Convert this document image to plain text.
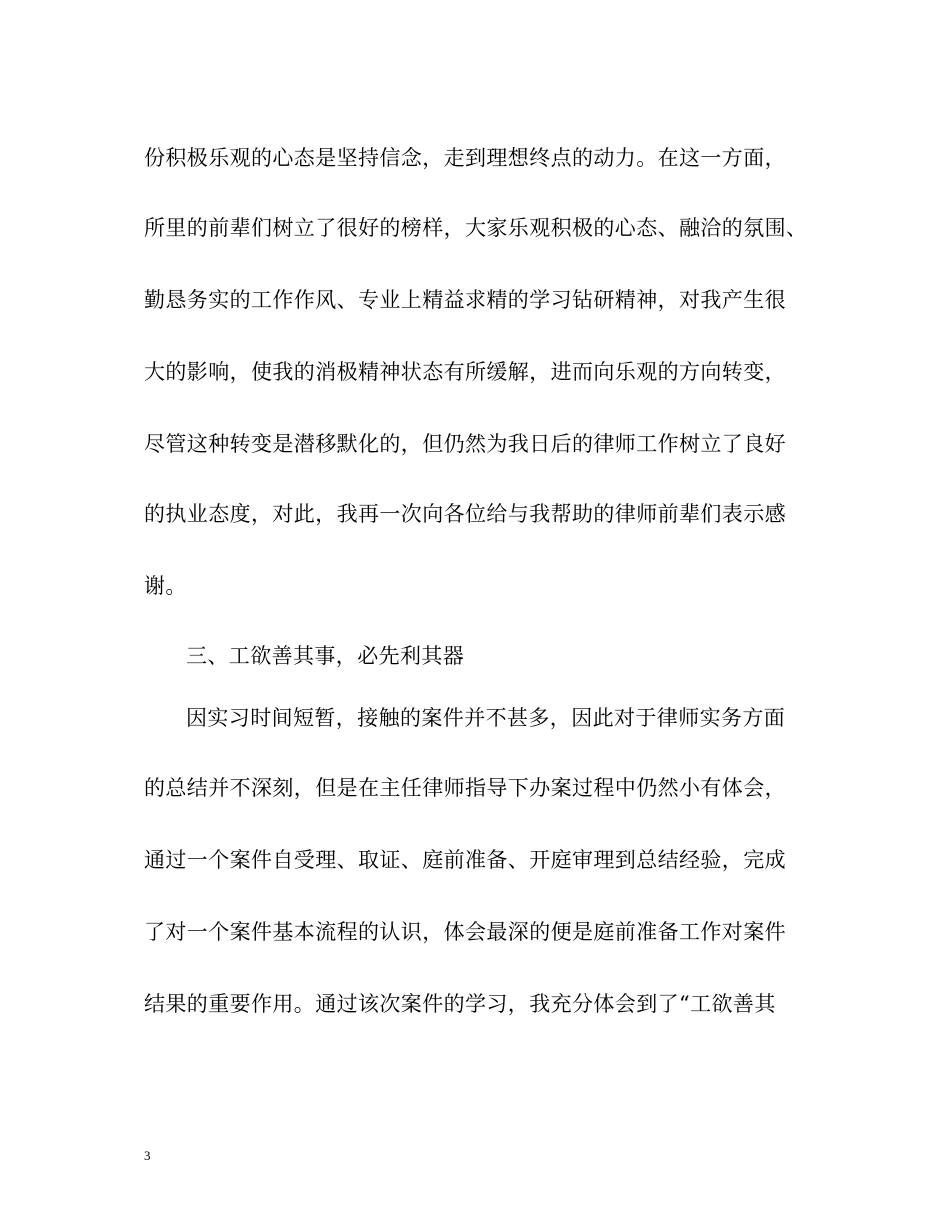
份积极乐观的心态是坚持信念，走到理想终点的动力。在这一方面，
所里的前辈们树立了很好的榜样，大家乐观积极的心态、融洽的氛围、
勤恳务实的工作作风、专业上精益求精的学习钻研精神，对我产生很
大的影响，使我的消极精神状态有所缓解，进而向乐观的方向转变，
尽管这种转变是潜移默化的，但仍然为我日后的律师工作树立了良好
的执业态度，对此，我再一次向各位给与我帮助的律师前辈们表示感
谢。
三、工欲善其事，必先利其器
因实习时间短暂，接触的案件并不甚多，因此对于律师实务方面
的总结并不深刻，但是在主任律师指导下办案过程中仍然小有体会，
通过一个案件自受理、取证、庭前准备、开庭审理到总结经验，完成
了对一个案件基本流程的认识，体会最深的便是庭前准备工作对案件
结果的重要作用。通过该次案件的学习，我充分体会到了“工欲善其
3
